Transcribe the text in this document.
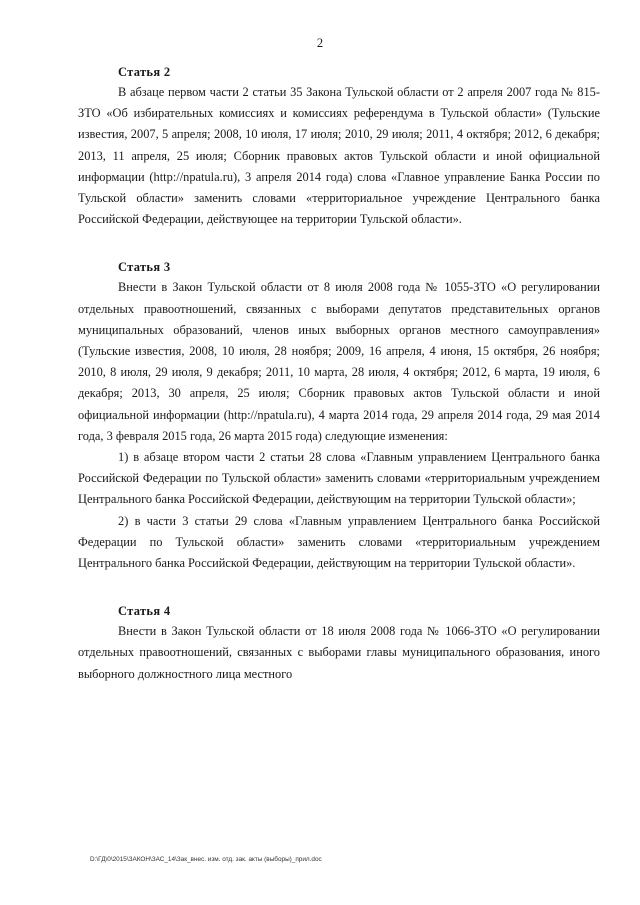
2
Статья 2

В абзаце первом части 2 статьи 35 Закона Тульской области от 2 апреля 2007 года № 815-ЗТО «Об избирательных комиссиях и комиссиях референдума в Тульской области» (Тульские известия, 2007, 5 апреля; 2008, 10 июля, 17 июля; 2010, 29 июля; 2011, 4 октября; 2012, 6 декабря; 2013, 11 апреля, 25 июля; Сборник правовых актов Тульской области и иной официальной информации (http://npatula.ru), 3 апреля 2014 года) слова «Главное управление Банка России по Тульской области» заменить словами «территориальное учреждение Центрального банка Российской Федерации, действующее на территории Тульской области».

Статья 3

Внести в Закон Тульской области от 8 июля 2008 года № 1055-ЗТО «О регулировании отдельных правоотношений, связанных с выборами депутатов представительных органов муниципальных образований, членов иных выборных органов местного самоуправления» (Тульские известия, 2008, 10 июля, 28 ноября; 2009, 16 апреля, 4 июня, 15 октября, 26 ноября; 2010, 8 июля, 29 июля, 9 декабря; 2011, 10 марта, 28 июля, 4 октября; 2012, 6 марта, 19 июля, 6 декабря; 2013, 30 апреля, 25 июля; Сборник правовых актов Тульской области и иной официальной информации (http://npatula.ru), 4 марта 2014 года, 29 апреля 2014 года, 29 мая 2014 года, 3 февраля 2015 года, 26 марта 2015 года) следующие изменения:

1) в абзаце втором части 2 статьи 28 слова «Главным управлением Центрального банка Российской Федерации по Тульской области» заменить словами «территориальным учреждением Центрального банка Российской Федерации, действующим на территории Тульской области»;

2) в части 3 статьи 29 слова «Главным управлением Центрального банка Российской Федерации по Тульской области» заменить словами «территориальным учреждением Центрального банка Российской Федерации, действующим на территории Тульской области».

Статья 4

Внести в Закон Тульской области от 18 июля 2008 года № 1066-ЗТО «О регулировании отдельных правоотношений, связанных с выборами главы муниципального образования, иного выборного должностного лица местного

D:\ГД\0\2015\ЗАКОН\ЗАС_14\Зак_внес. изм. отд. зак. акты (выборы)_прил.doc
